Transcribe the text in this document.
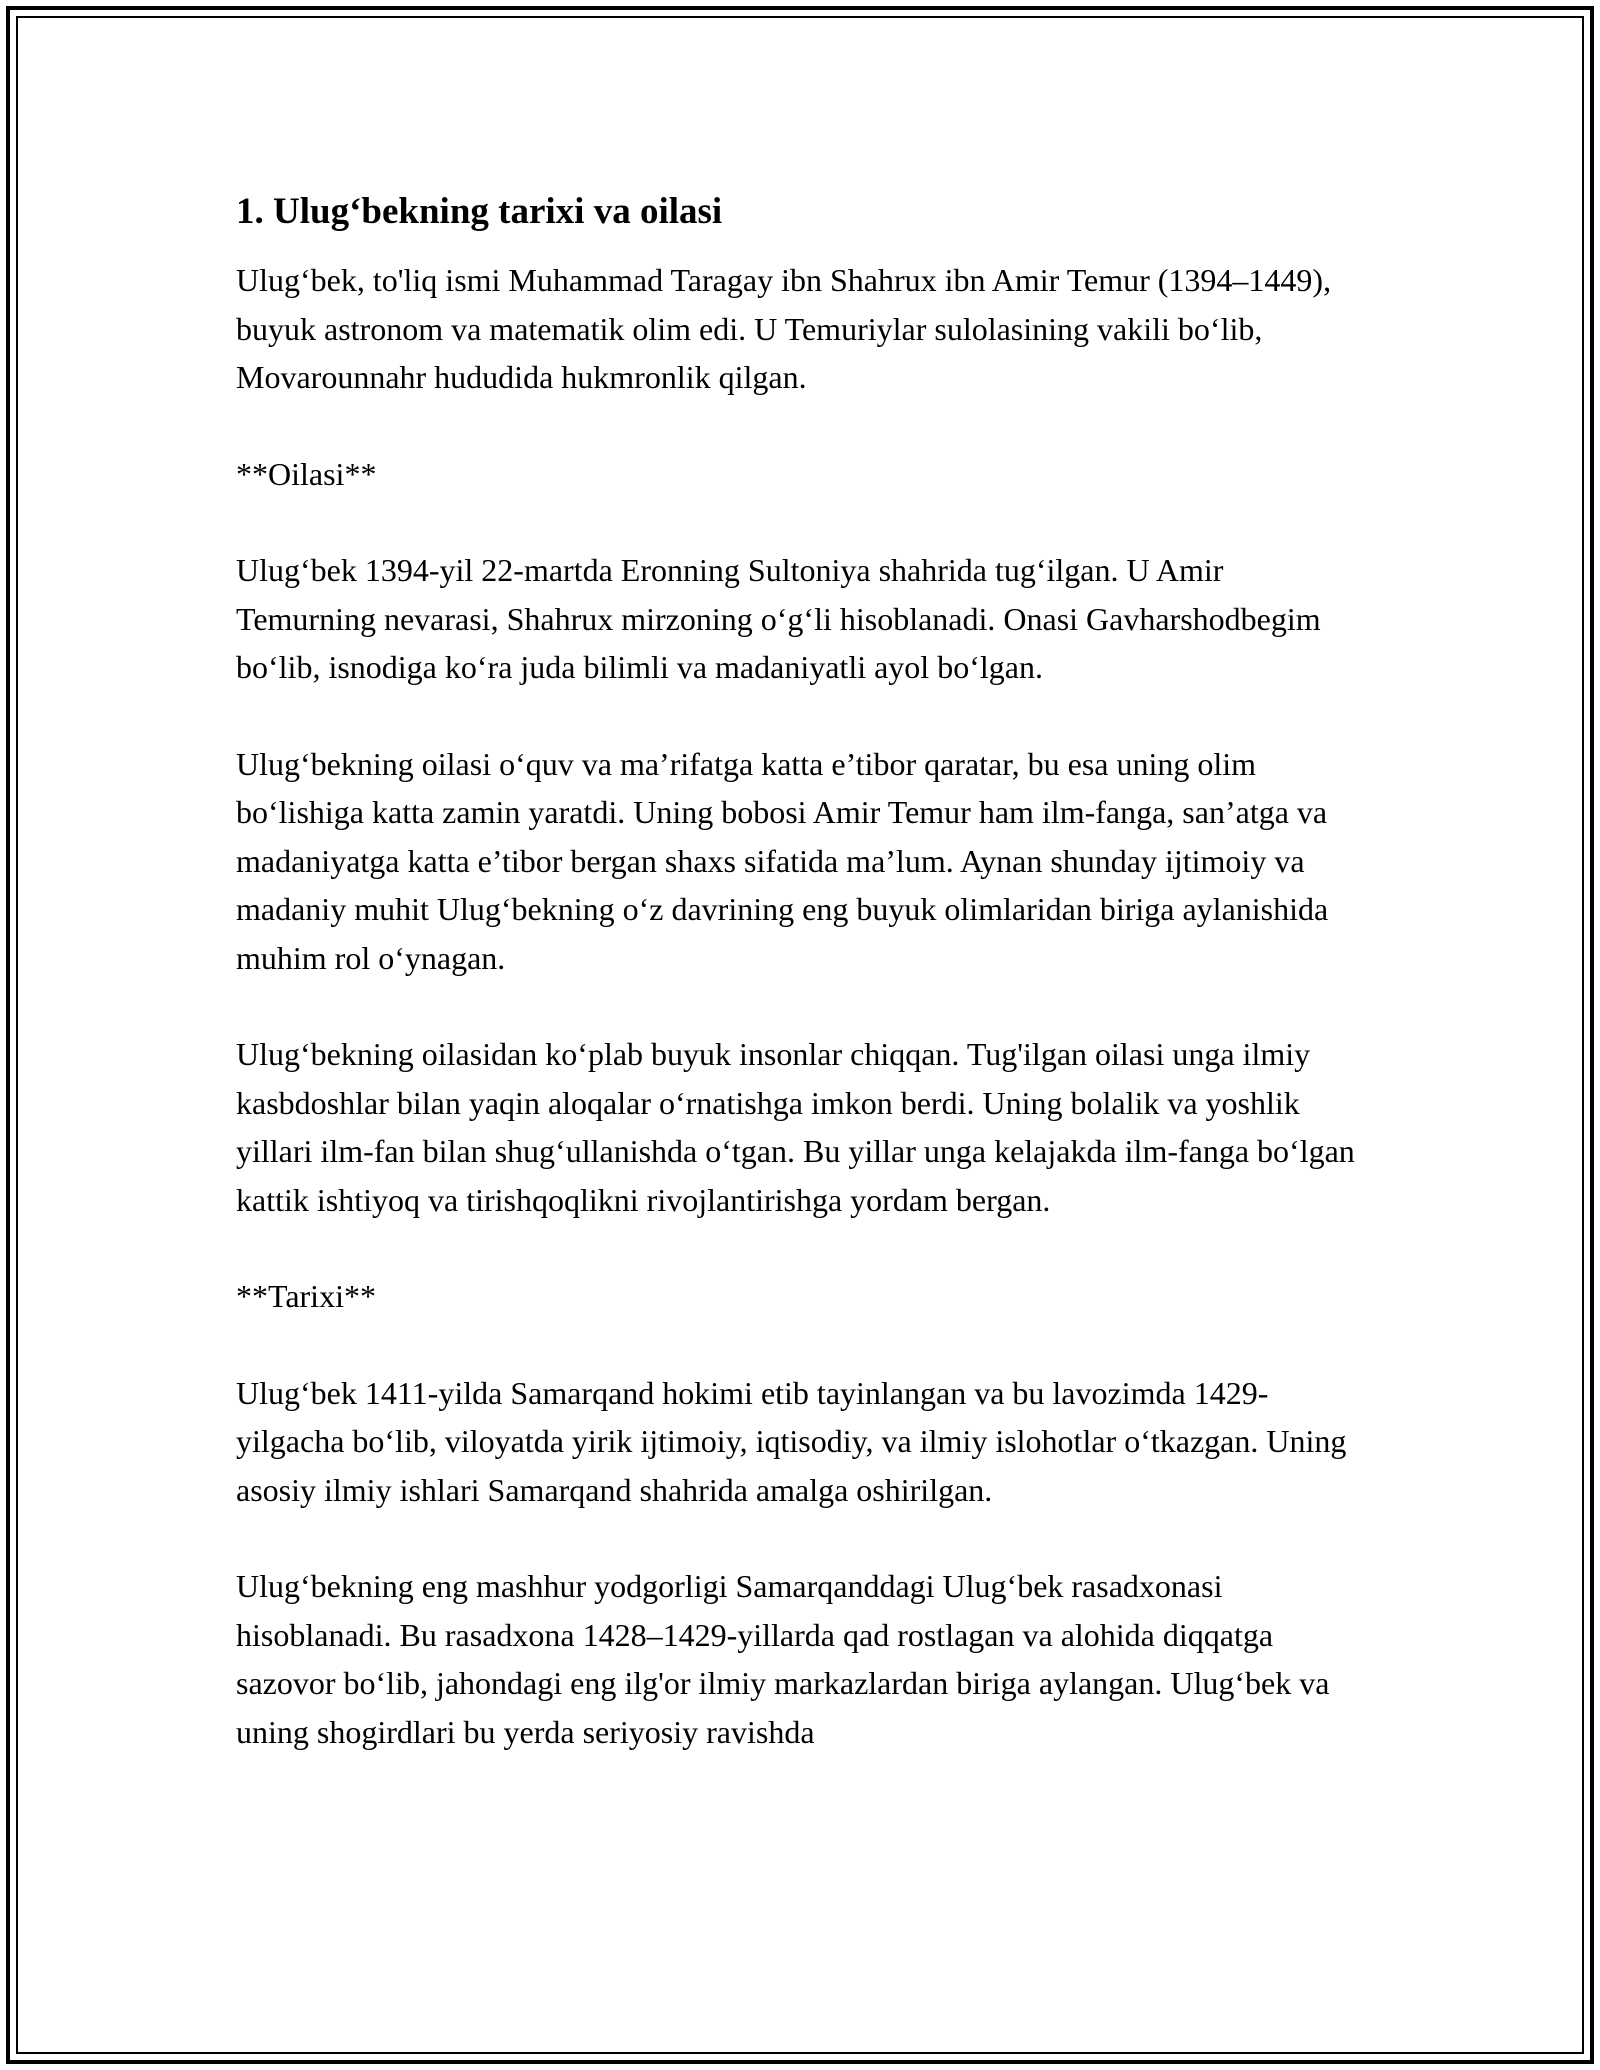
1. Ulug‘bekning tarixi va oilasi

Ulug‘bek, to'liq ismi Muhammad Taragay ibn Shahrux ibn Amir Temur (1394–1449), buyuk astronom va matematik olim edi. U Temuriylar sulolasining vakili bo‘lib, Movarounnahr hududida hukmronlik qilgan.

**Oilasi**

Ulug‘bek 1394-yil 22-martda Eronning Sultoniya shahrida tug‘ilgan. U Amir Temurning nevarasi, Shahrux mirzoning o‘g‘li hisoblanadi. Onasi Gavharshodbegim bo‘lib, isnodiga ko‘ra juda bilimli va madaniyatli ayol bo‘lgan.

Ulug‘bekning oilasi o‘quv va ma’rifatga katta e’tibor qaratar, bu esa uning olim bo‘lishiga katta zamin yaratdi. Uning bobosi Amir Temur ham ilm-fanga, san’atga va madaniyatga katta e’tibor bergan shaxs sifatida ma’lum. Aynan shunday ijtimoiy va madaniy muhit Ulug‘bekning o‘z davrining eng buyuk olimlaridan biriga aylanishida muhim rol o‘ynagan.

Ulug‘bekning oilasidan ko‘plab buyuk insonlar chiqqan. Tug'ilgan oilasi unga ilmiy kasbdoshlar bilan yaqin aloqalar o‘rnatishga imkon berdi. Uning bolalik va yoshlik yillari ilm-fan bilan shug‘ullanishda o‘tgan. Bu yillar unga kelajakda ilm-fanga bo‘lgan kattik ishtiyoq va tirishqoqlikni rivojlantirishga yordam bergan.

**Tarixi**

Ulug‘bek 1411-yilda Samarqand hokimi etib tayinlangan va bu lavozimda 1429-yilgacha bo‘lib, viloyatda yirik ijtimoiy, iqtisodiy, va ilmiy islohotlar o‘tkazgan. Uning asosiy ilmiy ishlari Samarqand shahrida amalga oshirilgan.

Ulug‘bekning eng mashhur yodgorligi Samarqanddagi Ulug‘bek rasadxonasi hisoblanadi. Bu rasadxona 1428–1429-yillarda qad rostlagan va alohida diqqatga sazovor bo‘lib, jahondagi eng ilg'or ilmiy markazlardan biriga aylangan. Ulug‘bek va uning shogirdlari bu yerda seriyosiy ravishda
